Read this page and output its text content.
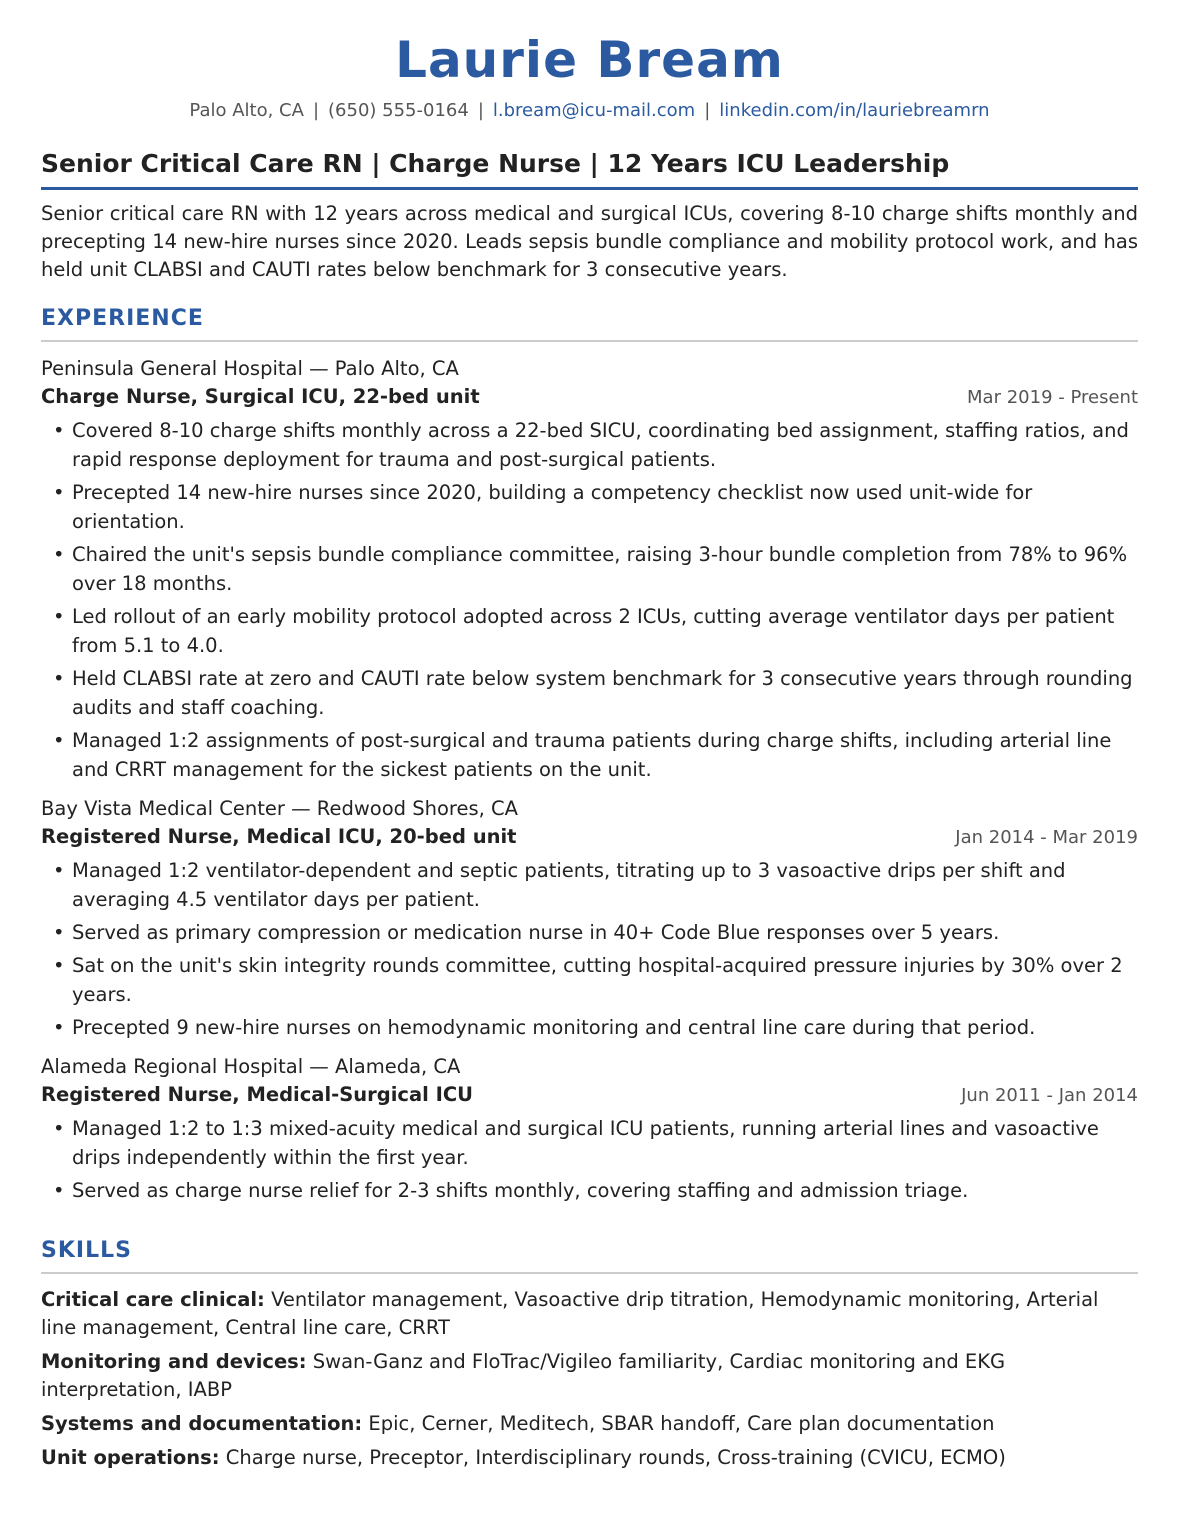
Laurie Bream
Palo Alto, CA | (650) 555-0164 | l.bream@icu-mail.com | linkedin.com/in/lauriebreamrn
Senior Critical Care RN | Charge Nurse | 12 Years ICU Leadership

Senior critical care RN with 12 years across medical and surgical ICUs, covering 8-10 charge shifts monthly and precepting 14 new-hire nurses since 2020. Leads sepsis bundle compliance and mobility protocol work, and has held unit CLABSI and CAUTI rates below benchmark for 3 consecutive years.

EXPERIENCE
Peninsula General Hospital — Palo Alto, CA
Charge Nurse, Surgical ICU, 22-bed unit	Mar 2019 - Present
• Covered 8-10 charge shifts monthly across a 22-bed SICU, coordinating bed assignment, staffing ratios, and rapid response deployment for trauma and post-surgical patients.
• Precepted 14 new-hire nurses since 2020, building a competency checklist now used unit-wide for orientation.
• Chaired the unit's sepsis bundle compliance committee, raising 3-hour bundle completion from 78% to 96% over 18 months.
• Led rollout of an early mobility protocol adopted across 2 ICUs, cutting average ventilator days per patient from 5.1 to 4.0.
• Held CLABSI rate at zero and CAUTI rate below system benchmark for 3 consecutive years through rounding audits and staff coaching.
• Managed 1:2 assignments of post-surgical and trauma patients during charge shifts, including arterial line and CRRT management for the sickest patients on the unit.
Bay Vista Medical Center — Redwood Shores, CA
Registered Nurse, Medical ICU, 20-bed unit	Jan 2014 - Mar 2019
• Managed 1:2 ventilator-dependent and septic patients, titrating up to 3 vasoactive drips per shift and averaging 4.5 ventilator days per patient.
• Served as primary compression or medication nurse in 40+ Code Blue responses over 5 years.
• Sat on the unit's skin integrity rounds committee, cutting hospital-acquired pressure injuries by 30% over 2 years.
• Precepted 9 new-hire nurses on hemodynamic monitoring and central line care during that period.
Alameda Regional Hospital — Alameda, CA
Registered Nurse, Medical-Surgical ICU	Jun 2011 - Jan 2014
• Managed 1:2 to 1:3 mixed-acuity medical and surgical ICU patients, running arterial lines and vasoactive drips independently within the first year.
• Served as charge nurse relief for 2-3 shifts monthly, covering staffing and admission triage.
SKILLS
Critical care clinical: Ventilator management, Vasoactive drip titration, Hemodynamic monitoring, Arterial line management, Central line care, CRRT
Monitoring and devices: Swan-Ganz and FloTrac/Vigileo familiarity, Cardiac monitoring and EKG interpretation, IABP
Systems and documentation: Epic, Cerner, Meditech, SBAR handoff, Care plan documentation
Unit operations: Charge nurse, Preceptor, Interdisciplinary rounds, Cross-training (CVICU, ECMO)
